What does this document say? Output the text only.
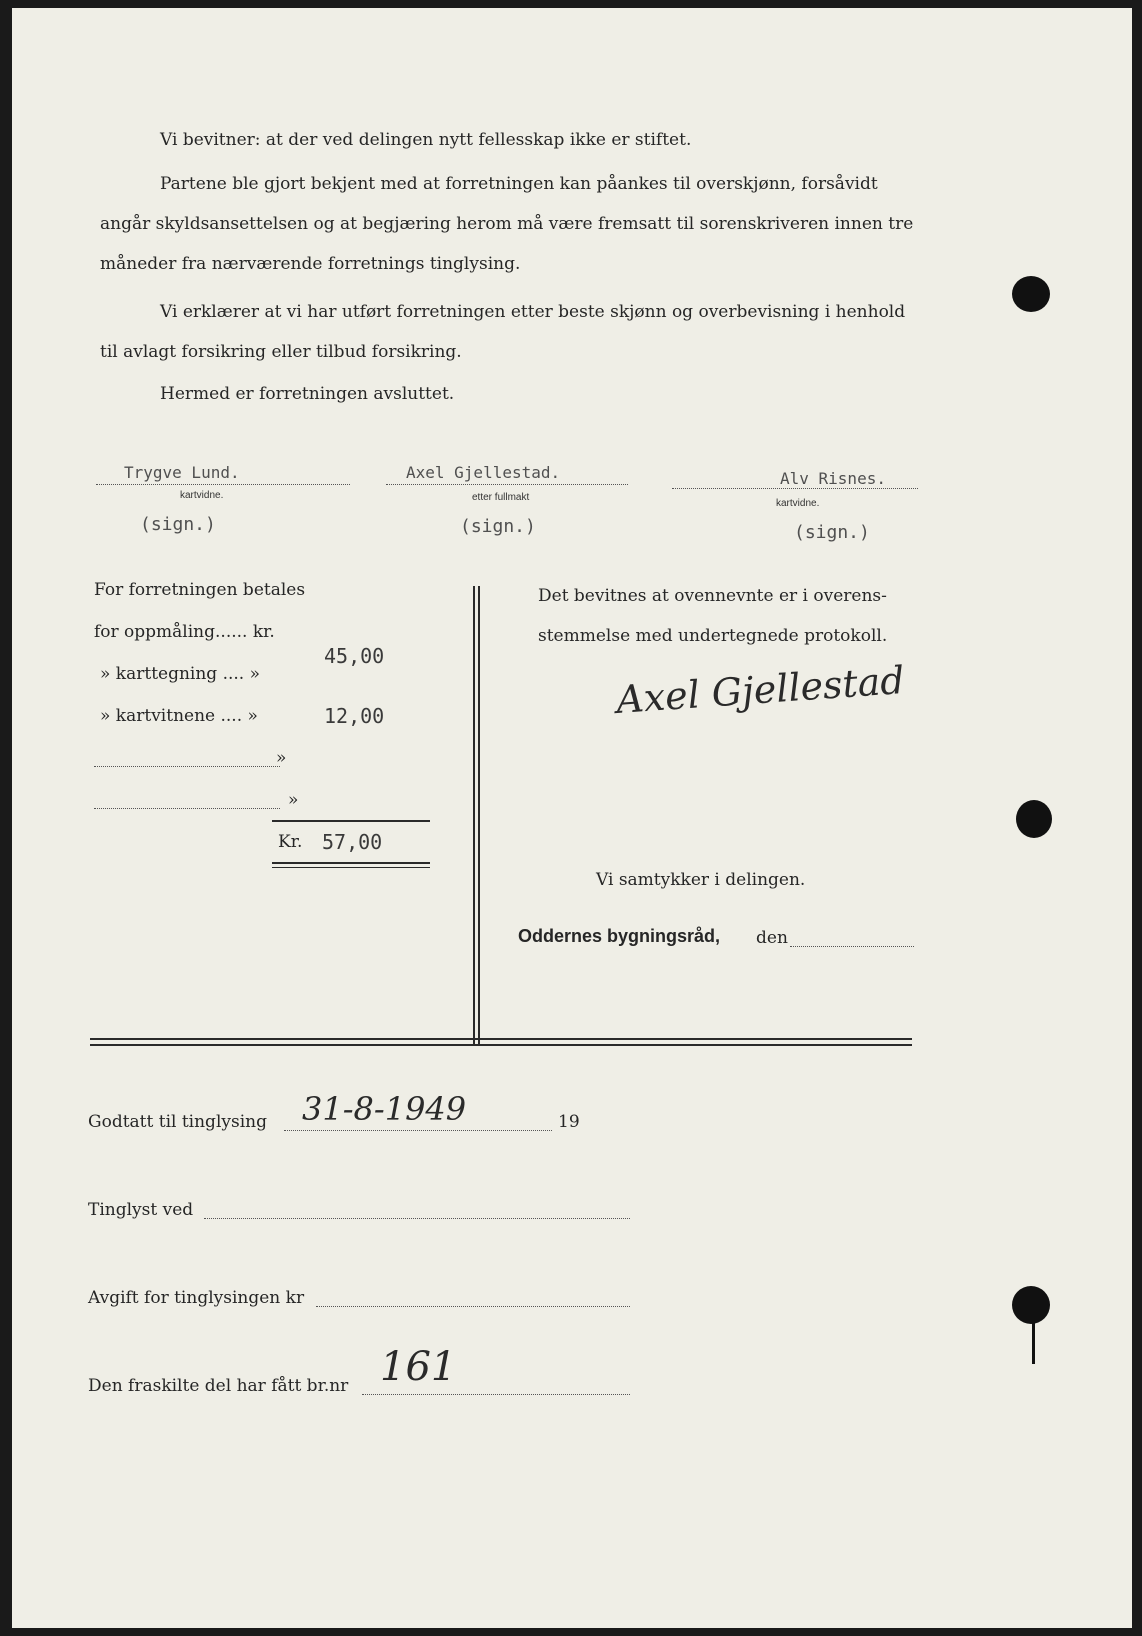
Vi bevitner: at der ved delingen nytt fellesskap ikke er stiftet.
Partene ble gjort bekjent med at forretningen kan påankes til overskjønn, forsåvidt
angår skyldsansettelsen og at begjæring herom må være fremsatt til sorenskriveren innen tre
måneder fra nærværende forretnings tinglysing.
Vi erklærer at vi har utført forretningen etter beste skjønn og overbevisning i henhold
til avlagt forsikring eller tilbud forsikring.
Hermed er forretningen avsluttet.
Trygve Lund.
kartvidne.
(sign.)
Axel Gjellestad.
etter fullmakt
(sign.)
Alv Risnes.
kartvidne.
(sign.)
For forretningen betales
for oppmåling...... kr.
45,00
» karttegning .... »
» kartvitnene .... »	12,00
»
»
Kr. 57,00
Det bevitnes at ovennevnte er i overens-
stemmelse med undertegnede protokoll.
Axel Gjellestad
Vi samtykker i delingen.
Oddernes bygningsråd, den
Godtatt til tinglysing 31-8-1949	19
Tinglyst ved
Avgift for tinglysingen kr
Den fraskilte del har fått br.nr 161
